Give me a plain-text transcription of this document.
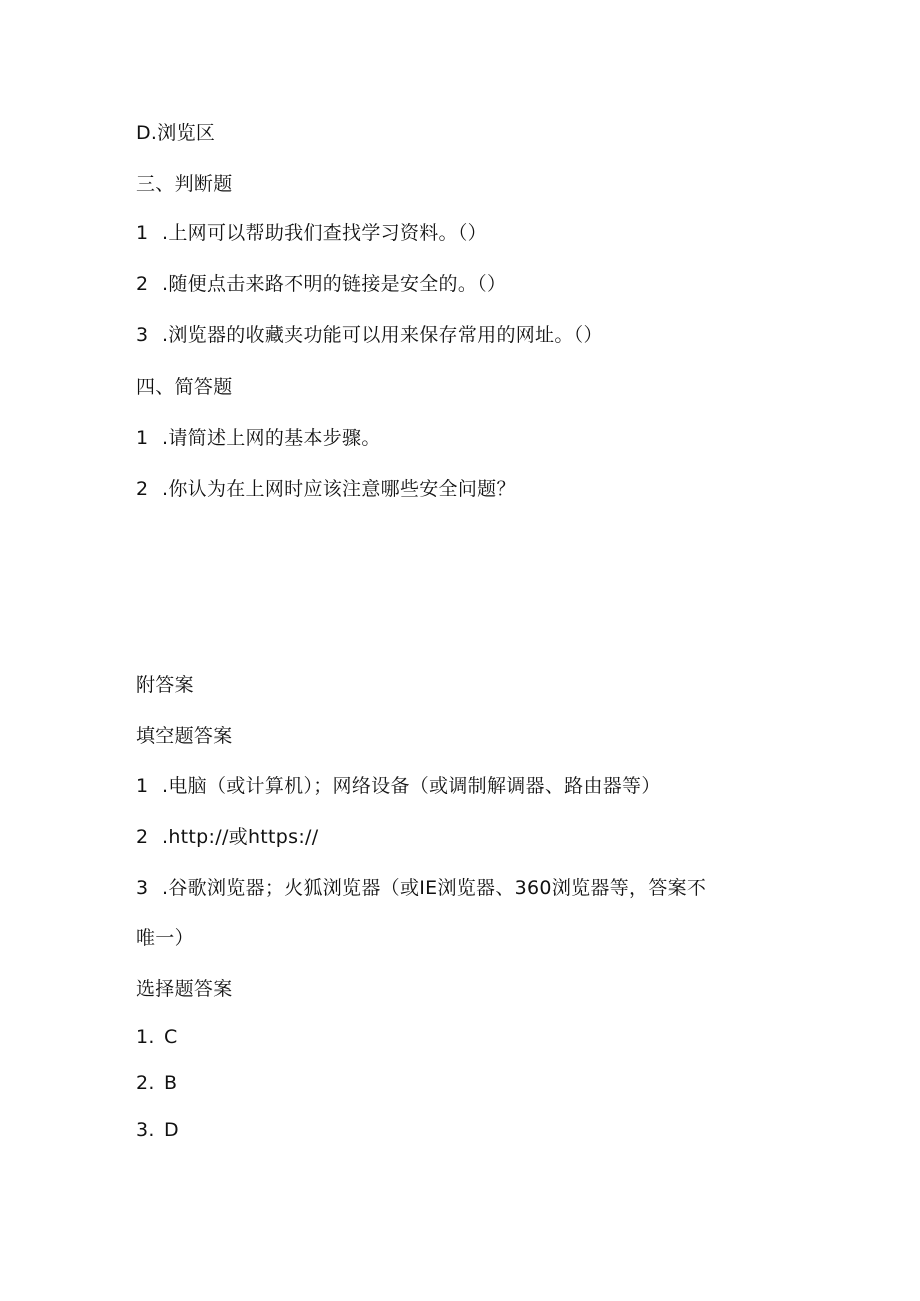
D.浏览区
三、判断题
1 .上网可以帮助我们查找学习资料。（）
2 .随便点击来路不明的链接是安全的。（）
3 .浏览器的收藏夹功能可以用来保存常用的网址。（）
四、简答题
1 .请简述上网的基本步骤。
2 .你认为在上网时应该注意哪些安全问题？
附答案
填空题答案
1 .电脑（或计算机）；网络设备（或调制解调器、路由器等）
2 .http://或https://
3 .谷歌浏览器；火狐浏览器（或IE浏览器、360浏览器等，答案不
唯一）
选择题答案
1. C
2. B
3. D
